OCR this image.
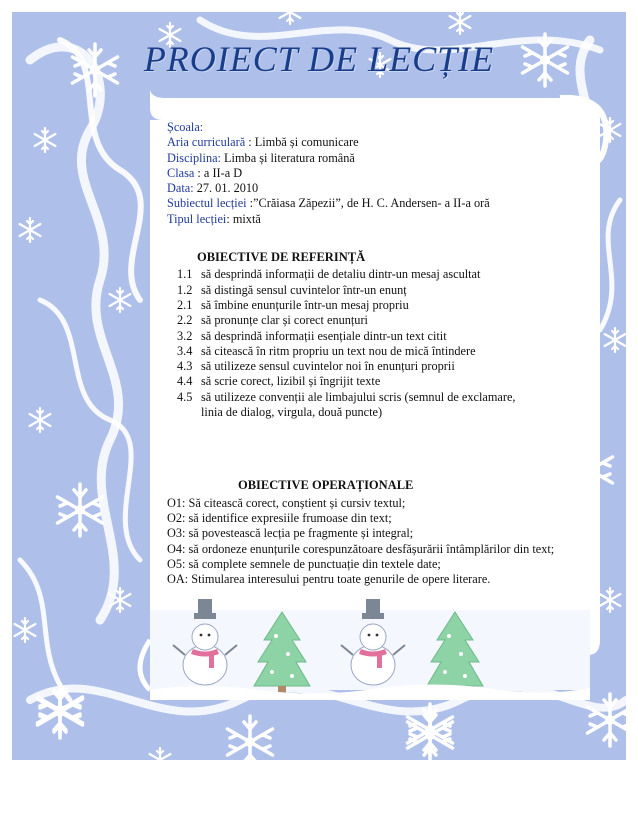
PROIECT DE LECȚIE
Școala:
Aria curriculară : Limbă și comunicare
Disciplina: Limba și literatura română
Clasa : a II-a D
Data: 27. 01. 2010
Subiectul lecției :”Crăiasa Zăpezii”, de H. C. Andersen- a II-a oră
Tipul lecției: mixtă
OBIECTIVE DE REFERINȚĂ
1.1 să desprindă informații de detaliu dintr-un mesaj ascultat
1.2 să distingă sensul cuvintelor într-un enunț
2.1 să îmbine enunțurile într-un mesaj propriu
2.2 să pronunțe clar și corect enunțuri
3.2 să desprindă informații esențiale dintr-un text citit
3.4 să citească în ritm propriu un text nou de mică întindere
4.3 să utilizeze sensul cuvintelor noi în enunțuri proprii
4.4 să scrie corect, lizibil și îngrijit texte
4.5 să utilizeze convenții ale limbajului scris (semnul de exclamare,
linia de dialog, virgula, două puncte)
OBIECTIVE OPERAȚIONALE
O1: Să citească corect, conștient și cursiv textul;
O2: să identifice expresiile frumoase din text;
O3: să povestească lecția pe fragmente și integral;
O4: să ordoneze enunțurile corespunzătoare desfășurării întâmplărilor din text;
O5: să complete semnele de punctuație din textele date;
OA: Stimularea interesului pentru toate genurile de opere literare.
